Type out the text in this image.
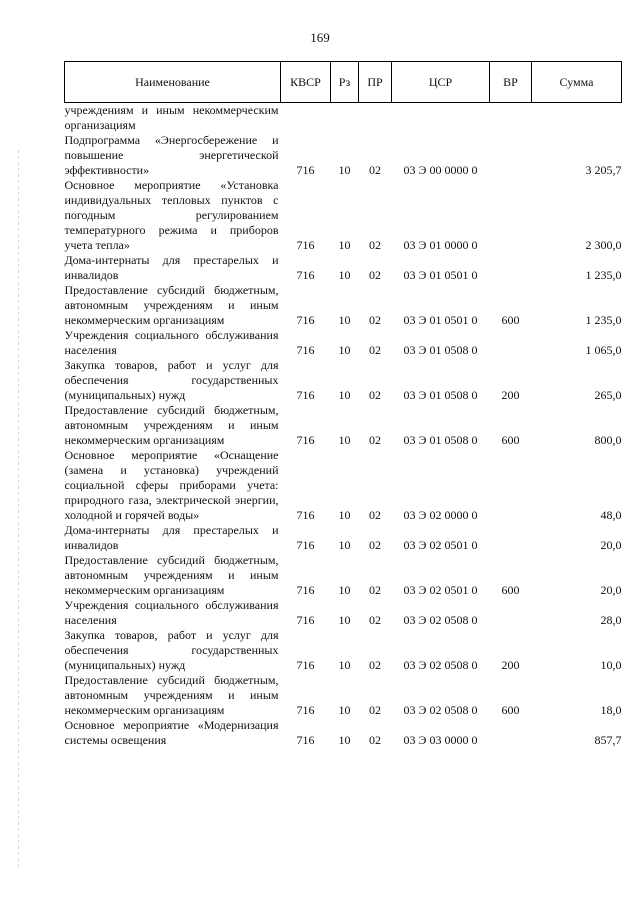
169
Наименование	КВСР	Рз	ПР	ЦСР	ВР	Сумма
учреждениям и иным некоммерческим организациям						
Подпрограмма «Энергосбережение и повышение энергетической эффективности»	716	10	02	03 Э 00 0000 0		3 205,7
Основное мероприятие «Установка индивидуальных тепловых пунктов с погодным регулированием температурного режима и приборов учета тепла»	716	10	02	03 Э 01 0000 0		2 300,0
Дома-интернаты для престарелых и инвалидов	716	10	02	03 Э 01 0501 0		1 235,0
Предоставление субсидий бюджетным, автономным учреждениям и иным некоммерческим организациям	716	10	02	03 Э 01 0501 0	600	1 235,0
Учреждения социального обслуживания населения	716	10	02	03 Э 01 0508 0		1 065,0
Закупка товаров, работ и услуг для обеспечения государственных (муниципальных) нужд	716	10	02	03 Э 01 0508 0	200	265,0
Предоставление субсидий бюджетным, автономным учреждениям и иным некоммерческим организациям	716	10	02	03 Э 01 0508 0	600	800,0
Основное мероприятие «Оснащение (замена и установка) учреждений социальной сферы приборами учета: природного газа, электрической энергии, холодной и горячей воды»	716	10	02	03 Э 02 0000 0		48,0
Дома-интернаты для престарелых и инвалидов	716	10	02	03 Э 02 0501 0		20,0
Предоставление субсидий бюджетным, автономным учреждениям и иным некоммерческим организациям	716	10	02	03 Э 02 0501 0	600	20,0
Учреждения социального обслуживания населения	716	10	02	03 Э 02 0508 0		28,0
Закупка товаров, работ и услуг для обеспечения государственных (муниципальных) нужд	716	10	02	03 Э 02 0508 0	200	10,0
Предоставление субсидий бюджетным, автономным учреждениям и иным некоммерческим организациям	716	10	02	03 Э 02 0508 0	600	18,0
Основное мероприятие «Модернизация системы освещения	716	10	02	03 Э 03 0000 0		857,7
